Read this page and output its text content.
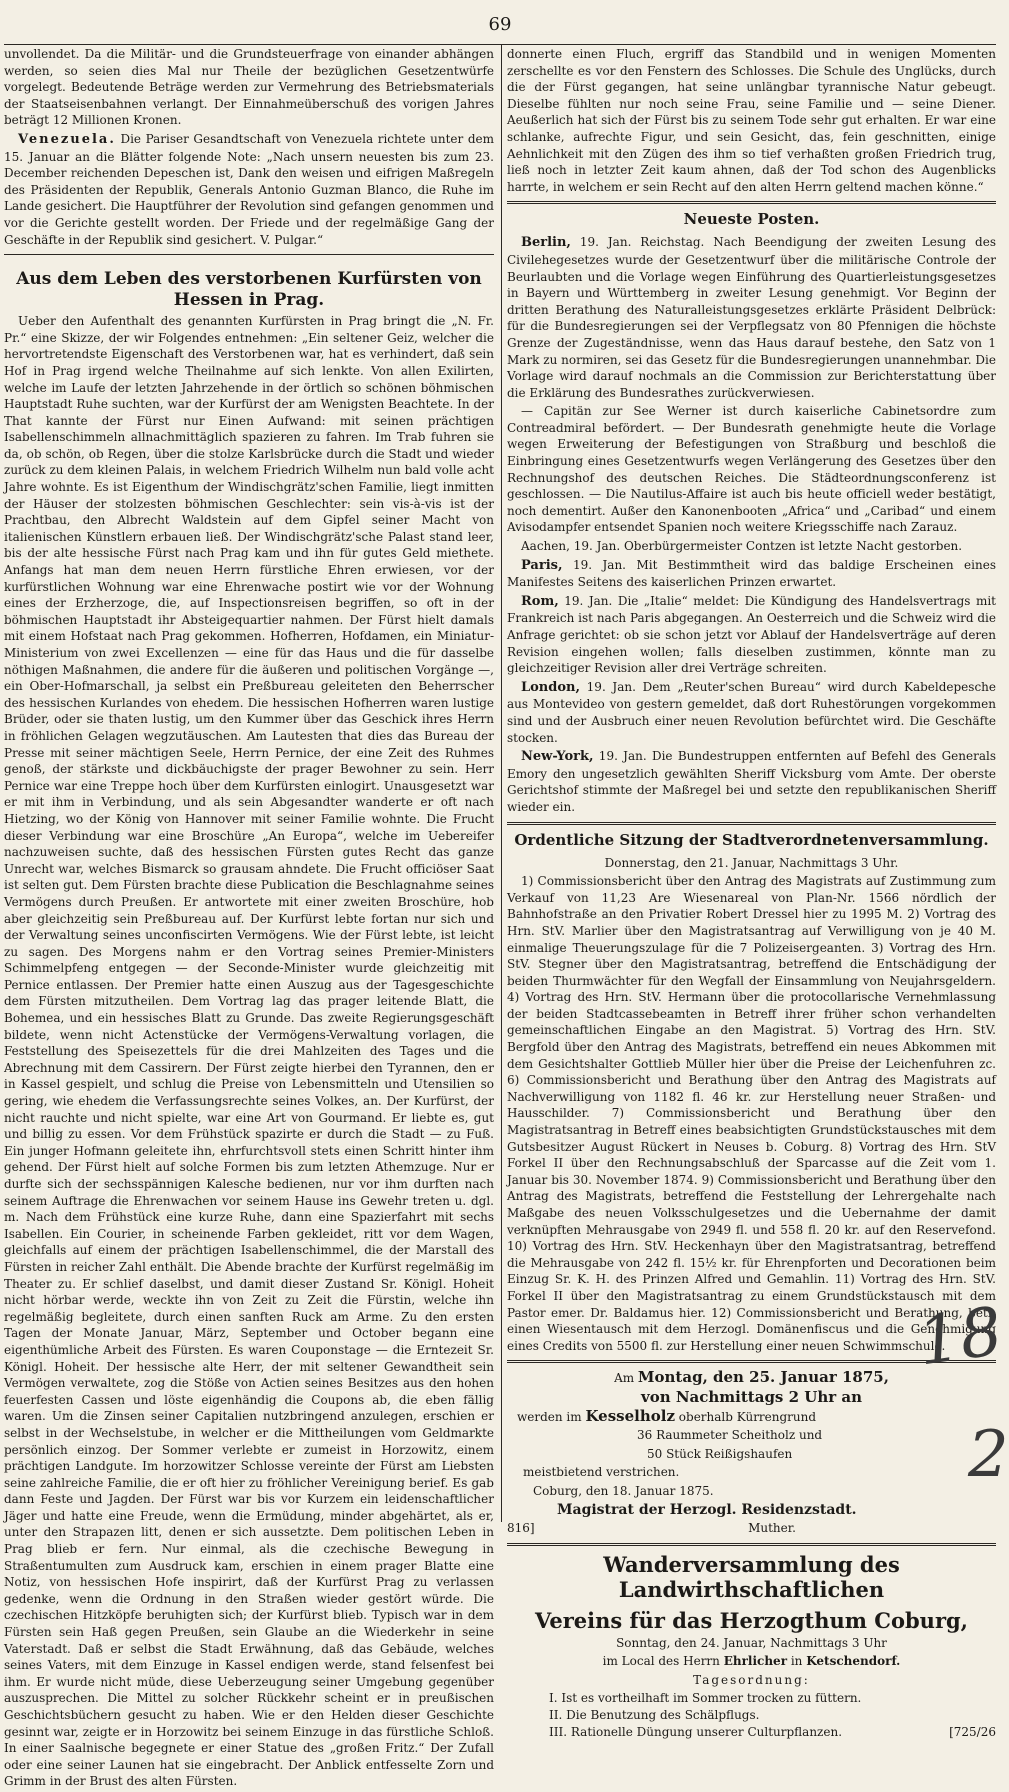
69

unvollendet. Da die Militär- und die Grundsteuerfrage von einander abhängen werden, so seien dies Mal nur Theile der bezüglichen Gesetzentwürfe vorgelegt. Bedeutende Beträge werden zur Vermehrung des Betriebsmaterials der Staatseisenbahnen verlangt. Der Einnahmeüberschuß des vorigen Jahres beträgt 12 Millionen Kronen.

Venezuela. Die Pariser Gesandtschaft von Venezuela richtete unter dem 15. Januar an die Blätter folgende Note: „Nach unsern neuesten bis zum 23. December reichenden Depeschen ist, Dank den weisen und eifrigen Maßregeln des Präsidenten der Republik, Generals Antonio Guzman Blanco, die Ruhe im Lande gesichert. Die Hauptführer der Revolution sind gefangen genommen und vor die Gerichte gestellt worden. Der Friede und der regelmäßige Gang der Geschäfte in der Republik sind gesichert. V. Pulgar.“

Aus dem Leben des verstorbenen Kurfürsten von Hessen in Prag.

Ueber den Aufenthalt des genannten Kurfürsten in Prag bringt die „N. Fr. Pr.“ eine Skizze, der wir Folgendes entnehmen: „Ein seltener Geiz, welcher die hervortretendste Eigenschaft des Verstorbenen war, hat es verhindert, daß sein Hof in Prag irgend welche Theilnahme auf sich lenkte. Von allen Exilirten, welche im Laufe der letzten Jahrzehende in der örtlich so schönen böhmischen Hauptstadt Ruhe suchten, war der Kurfürst der am Wenigsten Beachtete. In der That kannte der Fürst nur Einen Aufwand: mit seinen prächtigen Isabellenschimmeln allnachmittäglich spazieren zu fahren. Im Trab fuhren sie da, ob schön, ob Regen, über die stolze Karlsbrücke durch die Stadt und wieder zurück zu dem kleinen Palais, in welchem Friedrich Wilhelm nun bald volle acht Jahre wohnte. Es ist Eigenthum der Windischgrätz'schen Familie, liegt inmitten der Häuser der stolzesten böhmischen Geschlechter: sein vis-à-vis ist der Prachtbau, den Albrecht Waldstein auf dem Gipfel seiner Macht von italienischen Künstlern erbauen ließ. Der Windischgrätz'sche Palast stand leer, bis der alte hessische Fürst nach Prag kam und ihn für gutes Geld miethete. Anfangs hat man dem neuen Herrn fürstliche Ehren erwiesen, vor der kurfürstlichen Wohnung war eine Ehrenwache postirt wie vor der Wohnung eines der Erzherzoge, die, auf Inspectionsreisen begriffen, so oft in der böhmischen Hauptstadt ihr Absteigequartier nahmen. Der Fürst hielt damals mit einem Hofstaat nach Prag gekommen. Hofherren, Hofdamen, ein Miniatur-Ministerium von zwei Excellenzen — eine für das Haus und die für dasselbe nöthigen Maßnahmen, die andere für die äußeren und politischen Vorgänge —, ein Ober-Hofmarschall, ja selbst ein Preßbureau geleiteten den Beherrscher des hessischen Kurlandes von ehedem. Die hessischen Hofherren waren lustige Brüder, oder sie thaten lustig, um den Kummer über das Geschick ihres Herrn in fröhlichen Gelagen wegzutäuschen. Am Lautesten that dies das Bureau der Presse mit seiner mächtigen Seele, Herrn Pernice, der eine Zeit des Ruhmes genoß, der stärkste und dickbäuchigste der prager Bewohner zu sein. Herr Pernice war eine Treppe hoch über dem Kurfürsten einlogirt. Unausgesetzt war er mit ihm in Verbindung, und als sein Abgesandter wanderte er oft nach Hietzing, wo der König von Hannover mit seiner Familie wohnte. Die Frucht dieser Verbindung war eine Broschüre „An Europa“, welche im Uebereifer nachzuweisen suchte, daß des hessischen Fürsten gutes Recht das ganze Unrecht war, welches Bismarck so grausam ahndete. Die Frucht officiöser Saat ist selten gut. Dem Fürsten brachte diese Publication die Beschlagnahme seines Vermögens durch Preußen. Er antwortete mit einer zweiten Broschüre, hob aber gleichzeitig sein Preßbureau auf. Der Kurfürst lebte fortan nur sich und der Verwaltung seines unconfiscirten Vermögens. Wie der Fürst lebte, ist leicht zu sagen. Des Morgens nahm er den Vortrag seines Premier-Ministers Schimmelpfeng entgegen — der Seconde-Minister wurde gleichzeitig mit Pernice entlassen. Der Premier hatte einen Auszug aus der Tagesgeschichte dem Fürsten mitzutheilen. Dem Vortrag lag das prager leitende Blatt, die Bohemea, und ein hessisches Blatt zu Grunde. Das zweite Regierungsgeschäft bildete, wenn nicht Actenstücke der Vermögens-Verwaltung vorlagen, die Feststellung des Speisezettels für die drei Mahlzeiten des Tages und die Abrechnung mit dem Cassirern. Der Fürst zeigte hierbei den Tyrannen, den er in Kassel gespielt, und schlug die Preise von Lebensmitteln und Utensilien so gering, wie ehedem die Verfassungsrechte seines Volkes, an. Der Kurfürst, der nicht rauchte und nicht spielte, war eine Art von Gourmand. Er liebte es, gut und billig zu essen. Vor dem Frühstück spazirte er durch die Stadt — zu Fuß. Ein junger Hofmann geleitete ihn, ehrfurchtsvoll stets einen Schritt hinter ihm gehend. Der Fürst hielt auf solche Formen bis zum letzten Athemzuge. Nur er durfte sich der sechsspännigen Kalesche bedienen, nur vor ihm durften nach seinem Auftrage die Ehrenwachen vor seinem Hause ins Gewehr treten u. dgl. m. Nach dem Frühstück eine kurze Ruhe, dann eine Spazierfahrt mit sechs Isabellen. Ein Courier, in scheinende Farben gekleidet, ritt vor dem Wagen, gleichfalls auf einem der prächtigen Isabellenschimmel, die der Marstall des Fürsten in reicher Zahl enthält. Die Abende brachte der Kurfürst regelmäßig im Theater zu. Er schlief daselbst, und damit dieser Zustand Sr. Königl. Hoheit nicht hörbar werde, weckte ihn von Zeit zu Zeit die Fürstin, welche ihn regelmäßig begleitete, durch einen sanften Ruck am Arme. Zu den ersten Tagen der Monate Januar, März, September und October begann eine eigenthümliche Arbeit des Fürsten. Es waren Couponstage — die Erntezeit Sr. Königl. Hoheit. Der hessische alte Herr, der mit seltener Gewandtheit sein Vermögen verwaltete, zog die Stöße von Actien seines Besitzes aus den hohen feuerfesten Cassen und löste eigenhändig die Coupons ab, die eben fällig waren. Um die Zinsen seiner Capitalien nutzbringend anzulegen, erschien er selbst in der Wechselstube, in welcher er die Mittheilungen vom Geldmarkte persönlich einzog. Der Sommer verlebte er zumeist in Horzowitz, einem prächtigen Landgute. Im horzowitzer Schlosse vereinte der Fürst am Liebsten seine zahlreiche Familie, die er oft hier zu fröhlicher Vereinigung berief. Es gab dann Feste und Jagden. Der Fürst war bis vor Kurzem ein leidenschaftlicher Jäger und hatte eine Freude, wenn die Ermüdung, minder abgehärtet, als er, unter den Strapazen litt, denen er sich aussetzte. Dem politischen Leben in Prag blieb er fern. Nur einmal, als die czechische Bewegung in Straßentumulten zum Ausdruck kam, erschien in einem prager Blatte eine Notiz, von hessischen Hofe inspirirt, daß der Kurfürst Prag zu verlassen gedenke, wenn die Ordnung in den Straßen wieder gestört würde. Die czechischen Hitzköpfe beruhigten sich; der Kurfürst blieb. Typisch war in dem Fürsten sein Haß gegen Preußen, sein Glaube an die Wiederkehr in seine Vaterstadt. Daß er selbst die Stadt Erwähnung, daß das Gebäude, welches seines Vaters, mit dem Einzuge in Kassel endigen werde, stand felsenfest bei ihm. Er wurde nicht müde, diese Ueberzeugung seiner Umgebung gegenüber auszusprechen. Die Mittel zu solcher Rückkehr scheint er in preußischen Geschichtsbüchern gesucht zu haben. Wie er den Helden dieser Geschichte gesinnt war, zeigte er in Horzowitz bei seinem Einzuge in das fürstliche Schloß. In einer Saalnische begegnete er einer Statue des „großen Fritz.“ Der Zufall oder eine seiner Launen hat sie eingebracht. Der Anblick entfesselte Zorn und Grimm in der Brust des alten Fürsten.

donnerte einen Fluch, ergriff das Standbild und in wenigen Momenten zerschellte es vor den Fenstern des Schlosses. Die Schule des Unglücks, durch die der Fürst gegangen, hat seine unlängbar tyrannische Natur gebeugt. Dieselbe fühlten nur noch seine Frau, seine Familie und — seine Diener. Aeußerlich hat sich der Fürst bis zu seinem Tode sehr gut erhalten. Er war eine schlanke, aufrechte Figur, und sein Gesicht, das, fein geschnitten, einige Aehnlichkeit mit den Zügen des ihm so tief verhaßten großen Friedrich trug, ließ noch in letzter Zeit kaum ahnen, daß der Tod schon des Augenblicks harrte, in welchem er sein Recht auf den alten Herrn geltend machen könne.“

Neueste Posten.

Berlin, 19. Jan. Reichstag. Nach Beendigung der zweiten Lesung des Civilehegesetzes wurde der Gesetzentwurf über die militärische Controle der Beurlaubten und die Vorlage wegen Einführung des Quartierleistungsgesetzes in Bayern und Württemberg in zweiter Lesung genehmigt. Vor Beginn der dritten Berathung des Naturalleistungsgesetzes erklärte Präsident Delbrück: für die Bundesregierungen sei der Verpflegsatz von 80 Pfennigen die höchste Grenze der Zugeständnisse, wenn das Haus darauf bestehe, den Satz von 1 Mark zu normiren, sei das Gesetz für die Bundesregierungen unannehmbar. Die Vorlage wird darauf nochmals an die Commission zur Berichterstattung über die Erklärung des Bundesrathes zurückverwiesen.

— Capitän zur See Werner ist durch kaiserliche Cabinetsordre zum Contreadmiral befördert. — Der Bundesrath genehmigte heute die Vorlage wegen Erweiterung der Befestigungen von Straßburg und beschloß die Einbringung eines Gesetzentwurfs wegen Verlängerung des Gesetzes über den Rechnungshof des deutschen Reiches. Die Städteordnungsconferenz ist geschlossen. — Die Nautilus-Affaire ist auch bis heute officiell weder bestätigt, noch dementirt. Außer den Kanonenbooten „Africa“ und „Caribad“ und einem Avisodampfer entsendet Spanien noch weitere Kriegsschiffe nach Zarauz.

Aachen, 19. Jan. Oberbürgermeister Contzen ist letzte Nacht gestorben.

Paris, 19. Jan. Mit Bestimmtheit wird das baldige Erscheinen eines Manifestes Seitens des kaiserlichen Prinzen erwartet.

Rom, 19. Jan. Die „Italie“ meldet: Die Kündigung des Handelsvertrags mit Frankreich ist nach Paris abgegangen. An Oesterreich und die Schweiz wird die Anfrage gerichtet: ob sie schon jetzt vor Ablauf der Handelsverträge auf deren Revision eingehen wollen; falls dieselben zustimmen, könnte man zu gleichzeitiger Revision aller drei Verträge schreiten.

London, 19. Jan. Dem „Reuter'schen Bureau“ wird durch Kabeldepesche aus Montevideo von gestern gemeldet, daß dort Ruhestörungen vorgekommen sind und der Ausbruch einer neuen Revolution befürchtet wird. Die Geschäfte stocken.

New-York, 19. Jan. Die Bundestruppen entfernten auf Befehl des Generals Emory den ungesetzlich gewählten Sheriff Vicksburg vom Amte. Der oberste Gerichtshof stimmte der Maßregel bei und setzte den republikanischen Sheriff wieder ein.

Ordentliche Sitzung der Stadtverordnetenversammlung.

Donnerstag, den 21. Januar, Nachmittags 3 Uhr.

1) Commissionsbericht über den Antrag des Magistrats auf Zustimmung zum Verkauf von 11,23 Are Wiesenareal von Plan-Nr. 1566 nördlich der Bahnhofstraße an den Privatier Robert Dressel hier zu 1995 M. 2) Vortrag des Hrn. StV. Marlier über den Magistratsantrag auf Verwilligung von je 40 M. einmalige Theuerungszulage für die 7 Polizeisergeanten. 3) Vortrag des Hrn. StV. Stegner über den Magistratsantrag, betreffend die Entschädigung der beiden Thurmwächter für den Wegfall der Einsammlung von Neujahrsgeldern. 4) Vortrag des Hrn. StV. Hermann über die protocollarische Vernehmlassung der beiden Stadtcassebeamten in Betreff ihrer früher schon verhandelten gemeinschaftlichen Eingabe an den Magistrat. 5) Vortrag des Hrn. StV. Bergfold über den Antrag des Magistrats, betreffend ein neues Abkommen mit dem Gesichtshalter Gottlieb Müller hier über die Preise der Leichenfuhren zc. 6) Commissionsbericht und Berathung über den Antrag des Magistrats auf Nachverwilligung von 1182 fl. 46 kr. zur Herstellung neuer Straßen- und Hausschilder. 7) Commissionsbericht und Berathung über den Magistratsantrag in Betreff eines beabsichtigten Grundstückstausches mit dem Gutsbesitzer August Rückert in Neuses b. Coburg. 8) Vortrag des Hrn. StV Forkel II über den Rechnungsabschluß der Sparcasse auf die Zeit vom 1. Januar bis 30. November 1874. 9) Commissionsbericht und Berathung über den Antrag des Magistrats, betreffend die Feststellung der Lehrergehalte nach Maßgabe des neuen Volksschulgesetzes und die Uebernahme der damit verknüpften Mehrausgabe von 2949 fl. und 558 fl. 20 kr. auf den Reservefond. 10) Vortrag des Hrn. StV. Heckenhayn über den Magistratsantrag, betreffend die Mehrausgabe von 242 fl. 15½ kr. für Ehrenpforten und Decorationen beim Einzug Sr. K. H. des Prinzen Alfred und Gemahlin. 11) Vortrag des Hrn. StV. Forkel II über den Magistratsantrag zu einem Grundstückstausch mit dem Pastor emer. Dr. Baldamus hier. 12) Commissionsbericht und Berathung, betr. einen Wiesentausch mit dem Herzogl. Domänenfiscus und die Genehmigung eines Credits von 5500 fl. zur Herstellung einer neuen Schwimmschule.

Am Montag, den 25. Januar 1875,

von Nachmittags 2 Uhr an

werden im Kesselholz oberhalb Kürrengrund

36 Raummeter Scheitholz und

50 Stück Reißigshaufen

meistbietend verstrichen.

Coburg, den 18. Januar 1875.

Magistrat der Herzogl. Residenzstadt.

816]	Muther.

Wanderversammlung des Landwirthschaftlichen
Vereins für das Herzogthum Coburg,

Sonntag, den 24. Januar, Nachmittags 3 Uhr

im Local des Herrn Ehrlicher in Ketschendorf.

Tagesordnung:

I. Ist es vortheilhaft im Sommer trocken zu füttern.
II. Die Benutzung des Schälpflugs.
III. Rationelle Düngung unserer Culturpflanzen.	[725/26
18
2
